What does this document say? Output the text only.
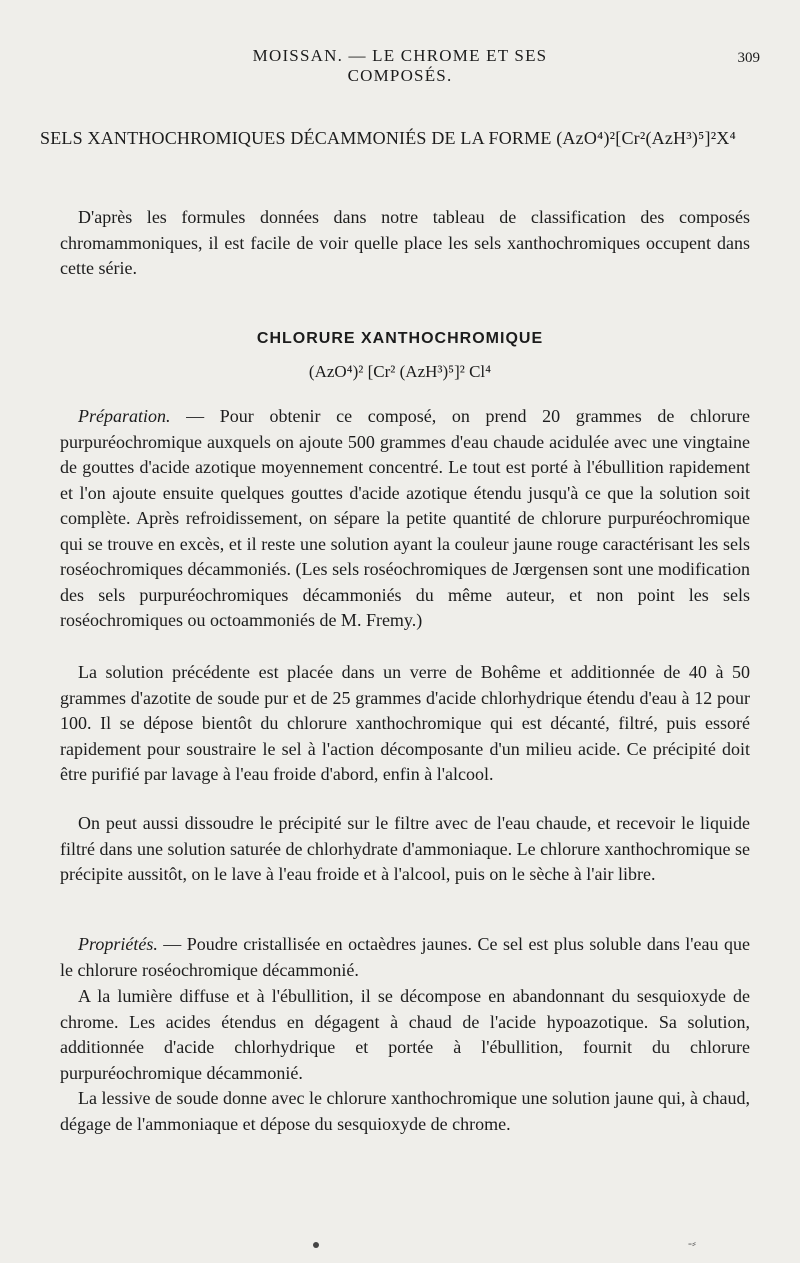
MOISSAN. — LE CHROME ET SES COMPOSÉS.
309
SELS XANTHOCHROMIQUES DÉCAMMONIÉS DE LA FORME (AzO⁴)²[Cr²(AzH³)⁵]²X⁴

D'après les formules données dans notre tableau de classification des composés chromammoniques, il est facile de voir quelle place les sels xanthochromiques occupent dans cette série.

CHLORURE XANTHOCHROMIQUE
(AzO⁴)² [Cr² (AzH³)⁵]² Cl⁴

Préparation. — Pour obtenir ce composé, on prend 20 grammes de chlorure purpuréochromique auxquels on ajoute 500 grammes d'eau chaude acidulée avec une vingtaine de gouttes d'acide azotique moyennement concentré. Le tout est porté à l'ébullition rapidement et l'on ajoute ensuite quelques gouttes d'acide azotique étendu jusqu'à ce que la solution soit complète. Après refroidissement, on sépare la petite quantité de chlorure purpuréochromique qui se trouve en excès, et il reste une solution ayant la couleur jaune rouge caractérisant les sels roséochromiques décammoniés. (Les sels roséochromiques de Jœrgensen sont une modification des sels purpuréochromiques décammoniés du même auteur, et non point les sels roséochromiques ou octoammoniés de M. Fremy.)

La solution précédente est placée dans un verre de Bohême et additionnée de 40 à 50 grammes d'azotite de soude pur et de 25 grammes d'acide chlorhydrique étendu d'eau à 12 pour 100. Il se dépose bientôt du chlorure xanthochromique qui est décanté, filtré, puis essoré rapidement pour soustraire le sel à l'action décomposante d'un milieu acide. Ce précipité doit être purifié par lavage à l'eau froide d'abord, enfin à l'alcool.

On peut aussi dissoudre le précipité sur le filtre avec de l'eau chaude, et recevoir le liquide filtré dans une solution saturée de chlorhydrate d'ammoniaque. Le chlorure xanthochromique se précipite aussitôt, on le lave à l'eau froide et à l'alcool, puis on le sèche à l'air libre.

Propriétés. — Poudre cristallisée en octaèdres jaunes. Ce sel est plus soluble dans l'eau que le chlorure roséochromique décammonié.

A la lumière diffuse et à l'ébullition, il se décompose en abandonnant du sesquioxyde de chrome. Les acides étendus en dégagent à chaud de l'acide hypoazotique. Sa solution, additionnée d'acide chlorhydrique et portée à l'ébullition, fournit du chlorure purpuréochromique décammonié.

La lessive de soude donne avec le chlorure xanthochromique une solution jaune qui, à chaud, dégage de l'ammoniaque et dépose du sesquioxyde de chrome.

-⸗
